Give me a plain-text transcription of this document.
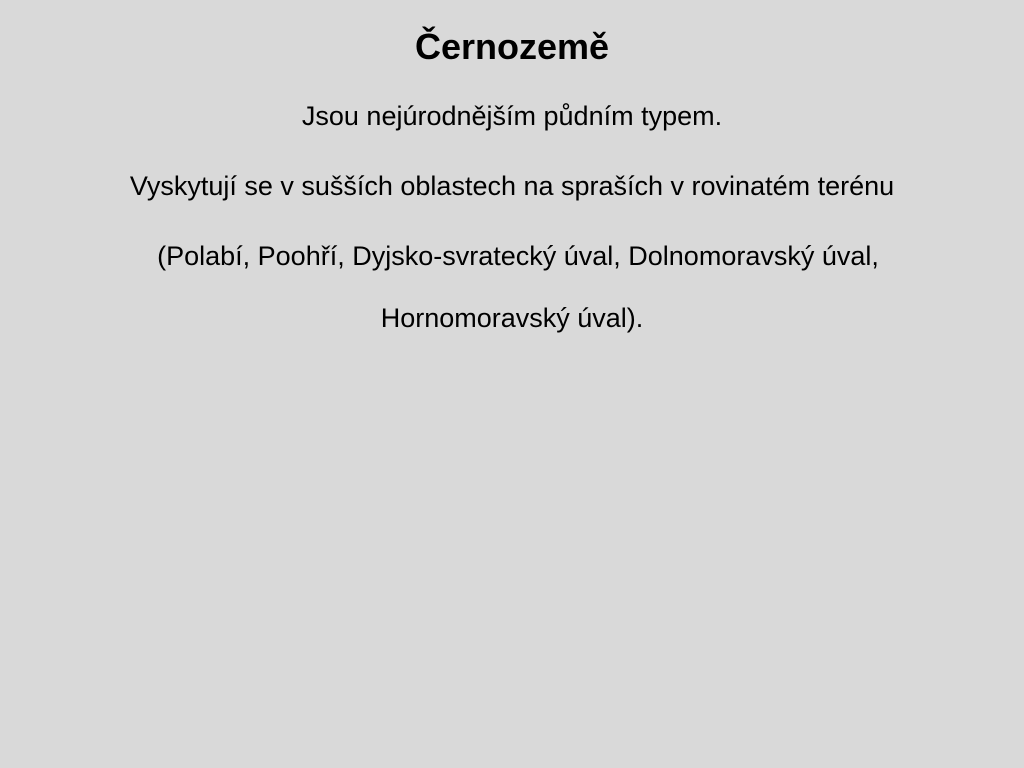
Černozemě
Jsou nejúrodnějším půdním typem.
Vyskytují se v sušších oblastech na spraších v rovinatém terénu
(Polabí, Poohří, Dyjsko-svratecký úval, Dolnomoravský úval,
Hornomoravský úval).
